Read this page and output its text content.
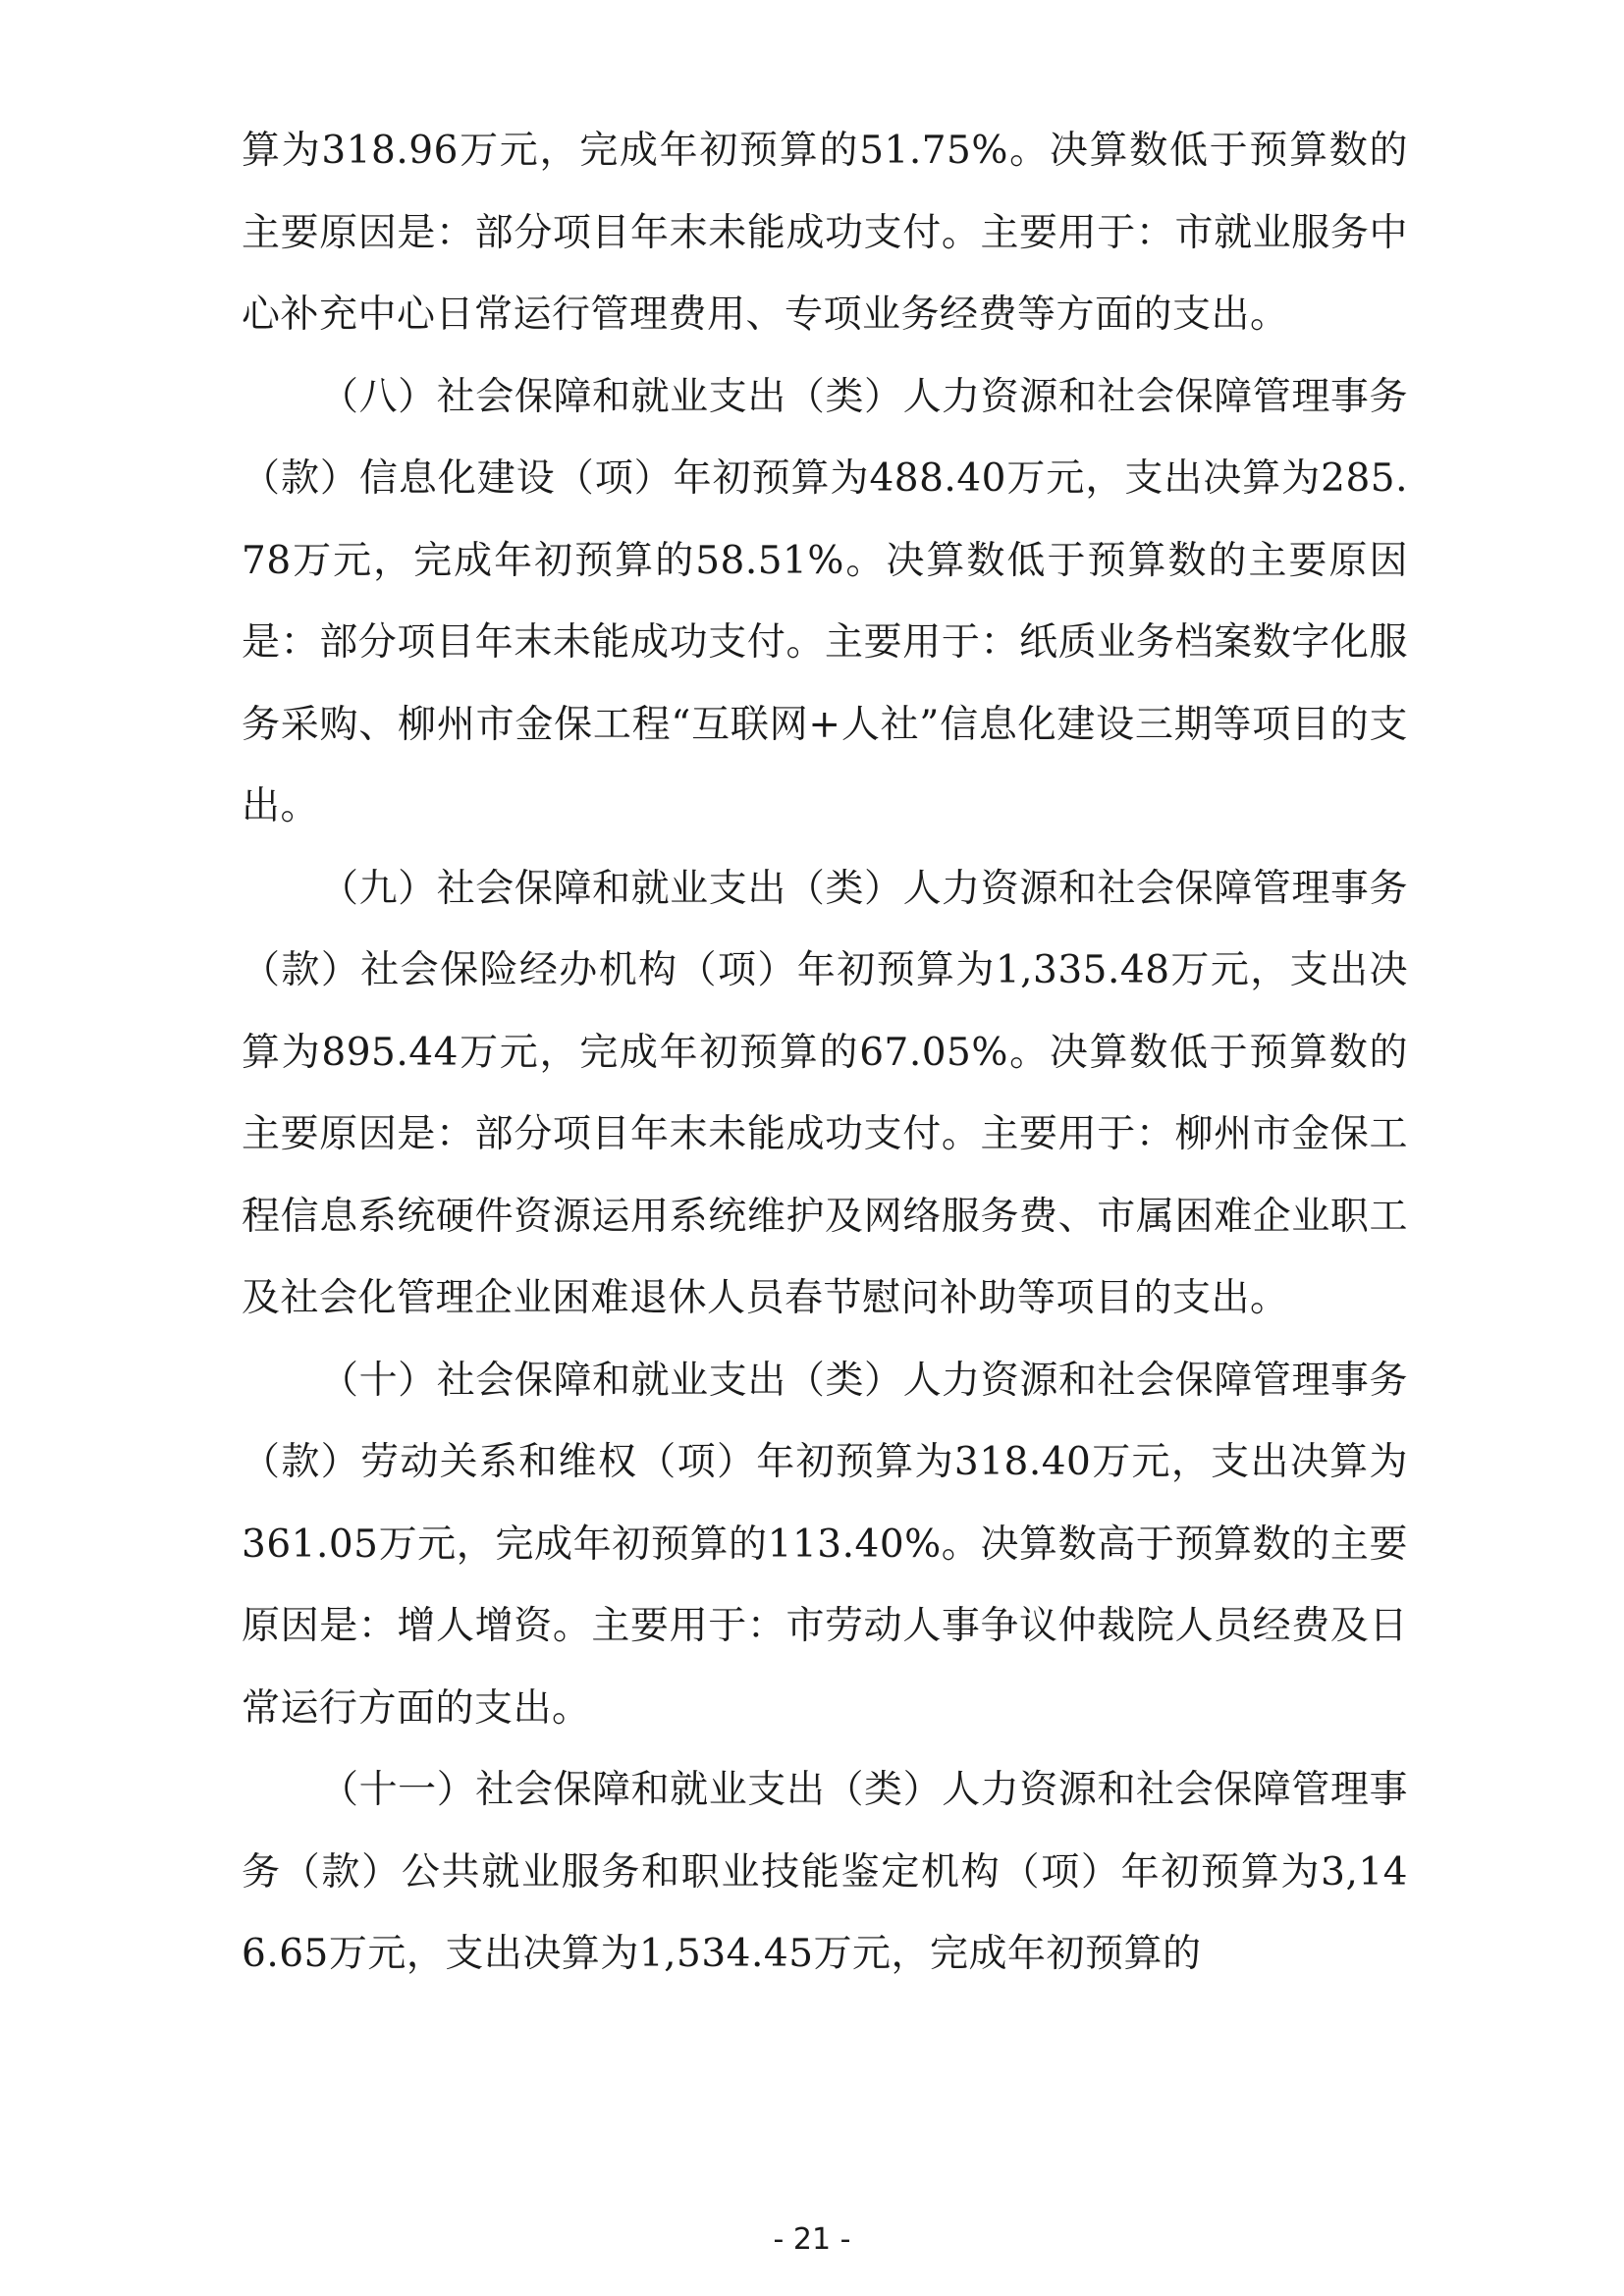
算为318.96万元，完成年初预算的51.75%。决算数低于预算数的主要原因是：部分项目年末未能成功支付。主要用于：市就业服务中心补充中心日常运行管理费用、专项业务经费等方面的支出。

（八）社会保障和就业支出（类）人力资源和社会保障管理事务（款）信息化建设（项）年初预算为488.40万元，支出决算为285.78万元，完成年初预算的58.51%。决算数低于预算数的主要原因是：部分项目年末未能成功支付。主要用于：纸质业务档案数字化服务采购、柳州市金保工程“互联网+人社”信息化建设三期等项目的支出。

（九）社会保障和就业支出（类）人力资源和社会保障管理事务（款）社会保险经办机构（项）年初预算为1,335.48万元，支出决算为895.44万元，完成年初预算的67.05%。决算数低于预算数的主要原因是：部分项目年末未能成功支付。主要用于：柳州市金保工程信息系统硬件资源运用系统维护及网络服务费、市属困难企业职工及社会化管理企业困难退休人员春节慰问补助等项目的支出。

（十）社会保障和就业支出（类）人力资源和社会保障管理事务（款）劳动关系和维权（项）年初预算为318.40万元，支出决算为361.05万元，完成年初预算的113.40%。决算数高于预算数的主要原因是：增人增资。主要用于：市劳动人事争议仲裁院人员经费及日常运行方面的支出。

（十一）社会保障和就业支出（类）人力资源和社会保障管理事务（款）公共就业服务和职业技能鉴定机构（项）年初预算为3,146.65万元，支出决算为1,534.45万元，完成年初预算的

- 21 -
